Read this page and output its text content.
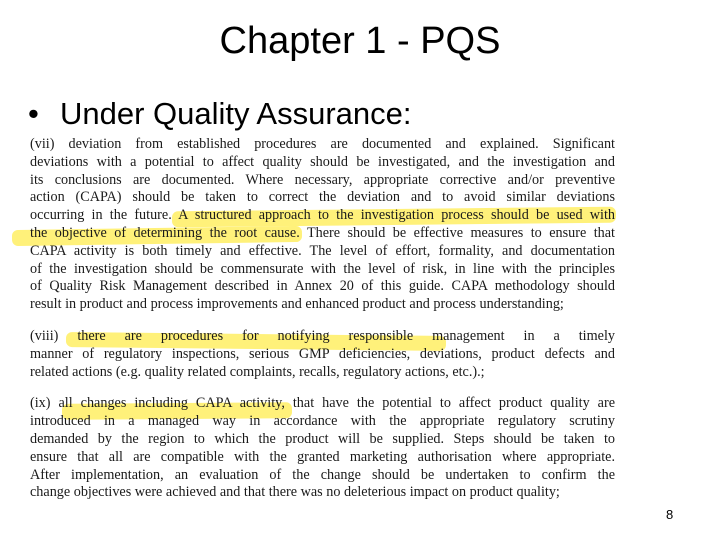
Chapter 1 - PQS
• Under Quality Assurance:
(vii) deviation from established procedures are documented and explained. Significant
deviations with a potential to affect quality should be investigated, and the investigation and
its conclusions are documented. Where necessary, appropriate corrective and/or preventive
action (CAPA) should be taken to correct the deviation and to avoid similar deviations
occurring in the future. A structured approach to the investigation process should be used with
the objective of determining the root cause. There should be effective measures to ensure that
CAPA activity is both timely and effective. The level of effort, formality, and documentation
of the investigation should be commensurate with the level of risk, in line with the principles
of Quality Risk Management described in Annex 20 of this guide. CAPA methodology should
result in product and process improvements and enhanced product and process understanding;
(viii) there are procedures for notifying responsible management in a timely
manner of regulatory inspections, serious GMP deficiencies, deviations, product defects and
related actions (e.g. quality related complaints, recalls, regulatory actions, etc.).;
(ix) all changes including CAPA activity, that have the potential to affect product quality are
introduced in a managed way in accordance with the appropriate regulatory scrutiny
demanded by the region to which the product will be supplied. Steps should be taken to
ensure that all are compatible with the granted marketing authorisation where appropriate.
After implementation, an evaluation of the change should be undertaken to confirm the
change objectives were achieved and that there was no deleterious impact on product quality;
8
